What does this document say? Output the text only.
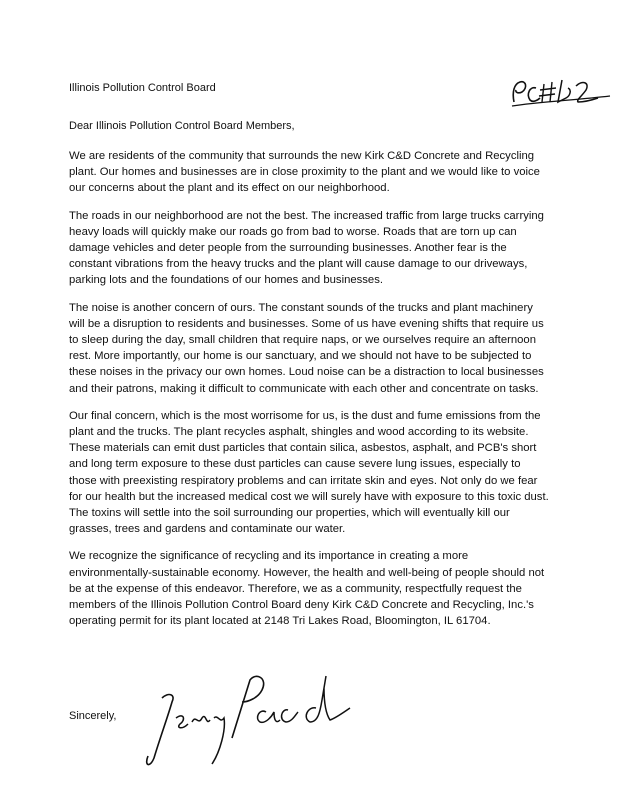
Illinois Pollution Control Board
Dear Illinois Pollution Control Board Members,

We are residents of the community that surrounds the new Kirk C&D Concrete and Recycling plant. Our homes and businesses are in close proximity to the plant and we would like to voice our concerns about the plant and its effect on our neighborhood.

The roads in our neighborhood are not the best. The increased traffic from large trucks carrying heavy loads will quickly make our roads go from bad to worse. Roads that are torn up can damage vehicles and deter people from the surrounding businesses. Another fear is the constant vibrations from the heavy trucks and the plant will cause damage to our driveways, parking lots and the foundations of our homes and businesses.

The noise is another concern of ours. The constant sounds of the trucks and plant machinery will be a disruption to residents and businesses. Some of us have evening shifts that require us to sleep during the day, small children that require naps, or we ourselves require an afternoon rest. More importantly, our home is our sanctuary, and we should not have to be subjected to these noises in the privacy our own homes. Loud noise can be a distraction to local businesses and their patrons, making it difficult to communicate with each other and concentrate on tasks.

Our final concern, which is the most worrisome for us, is the dust and fume emissions from the plant and the trucks. The plant recycles asphalt, shingles and wood according to its website. These materials can emit dust particles that contain silica, asbestos, asphalt, and PCB's short and long term exposure to these dust particles can cause severe lung issues, especially to those with preexisting respiratory problems and can irritate skin and eyes. Not only do we fear for our health but the increased medical cost we will surely have with exposure to this toxic dust. The toxins will settle into the soil surrounding our properties, which will eventually kill our grasses, trees and gardens and contaminate our water.

We recognize the significance of recycling and its importance in creating a more environmentally-sustainable economy. However, the health and well-being of people should not be at the expense of this endeavor. Therefore, we as a community, respectfully request the members of the Illinois Pollution Control Board deny Kirk C&D Concrete and Recycling, Inc.'s operating permit for its plant located at 2148 Tri Lakes Road, Bloomington, IL 61704.

Sincerely,
